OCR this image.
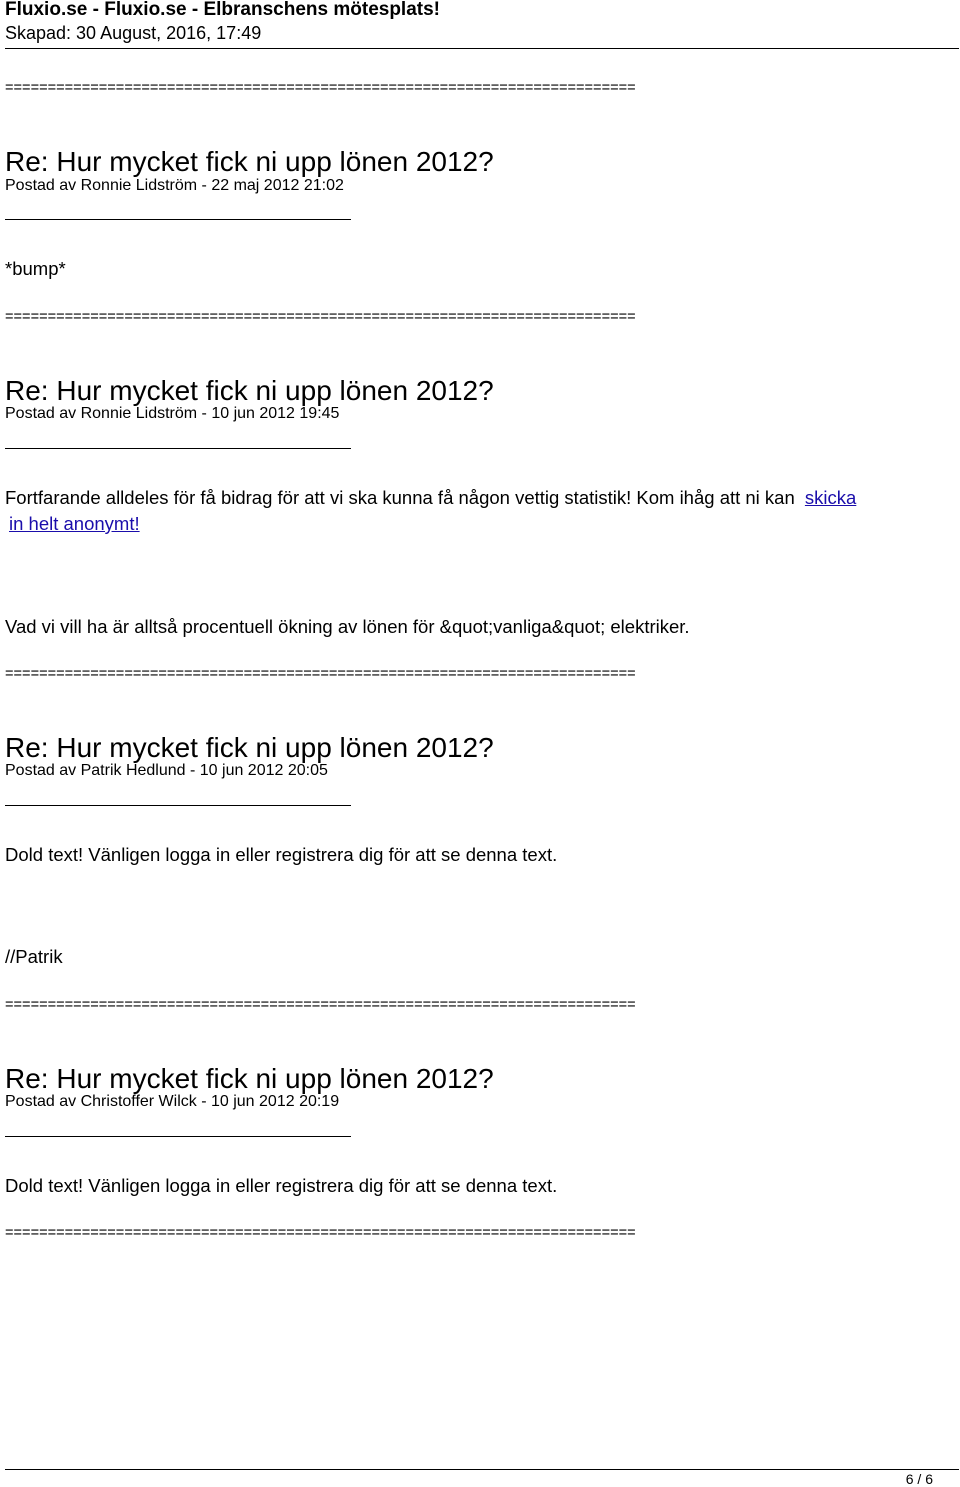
Fluxio.se - Fluxio.se - Elbranschens mötesplats!
Skapad: 30 August, 2016, 17:49
==========================================================================
Re: Hur mycket fick ni upp lönen 2012?
Postad av Ronnie Lidström - 22 maj 2012 21:02
*bump*
==========================================================================
Re: Hur mycket fick ni upp lönen 2012?
Postad av Ronnie Lidström - 10 jun 2012 19:45
Fortfarande alldeles för få bidrag för att vi ska kunna få någon vettig statistik! Kom ihåg att ni kan skicka
in helt anonymt!
Vad vi vill ha är alltså procentuell ökning av lönen för &quot;vanliga&quot; elektriker.
==========================================================================
Re: Hur mycket fick ni upp lönen 2012?
Postad av Patrik Hedlund - 10 jun 2012 20:05
Dold text! Vänligen logga in eller registrera dig för att se denna text.
//Patrik
==========================================================================
Re: Hur mycket fick ni upp lönen 2012?
Postad av Christoffer Wilck - 10 jun 2012 20:19
Dold text! Vänligen logga in eller registrera dig för att se denna text.
==========================================================================
6 / 6
